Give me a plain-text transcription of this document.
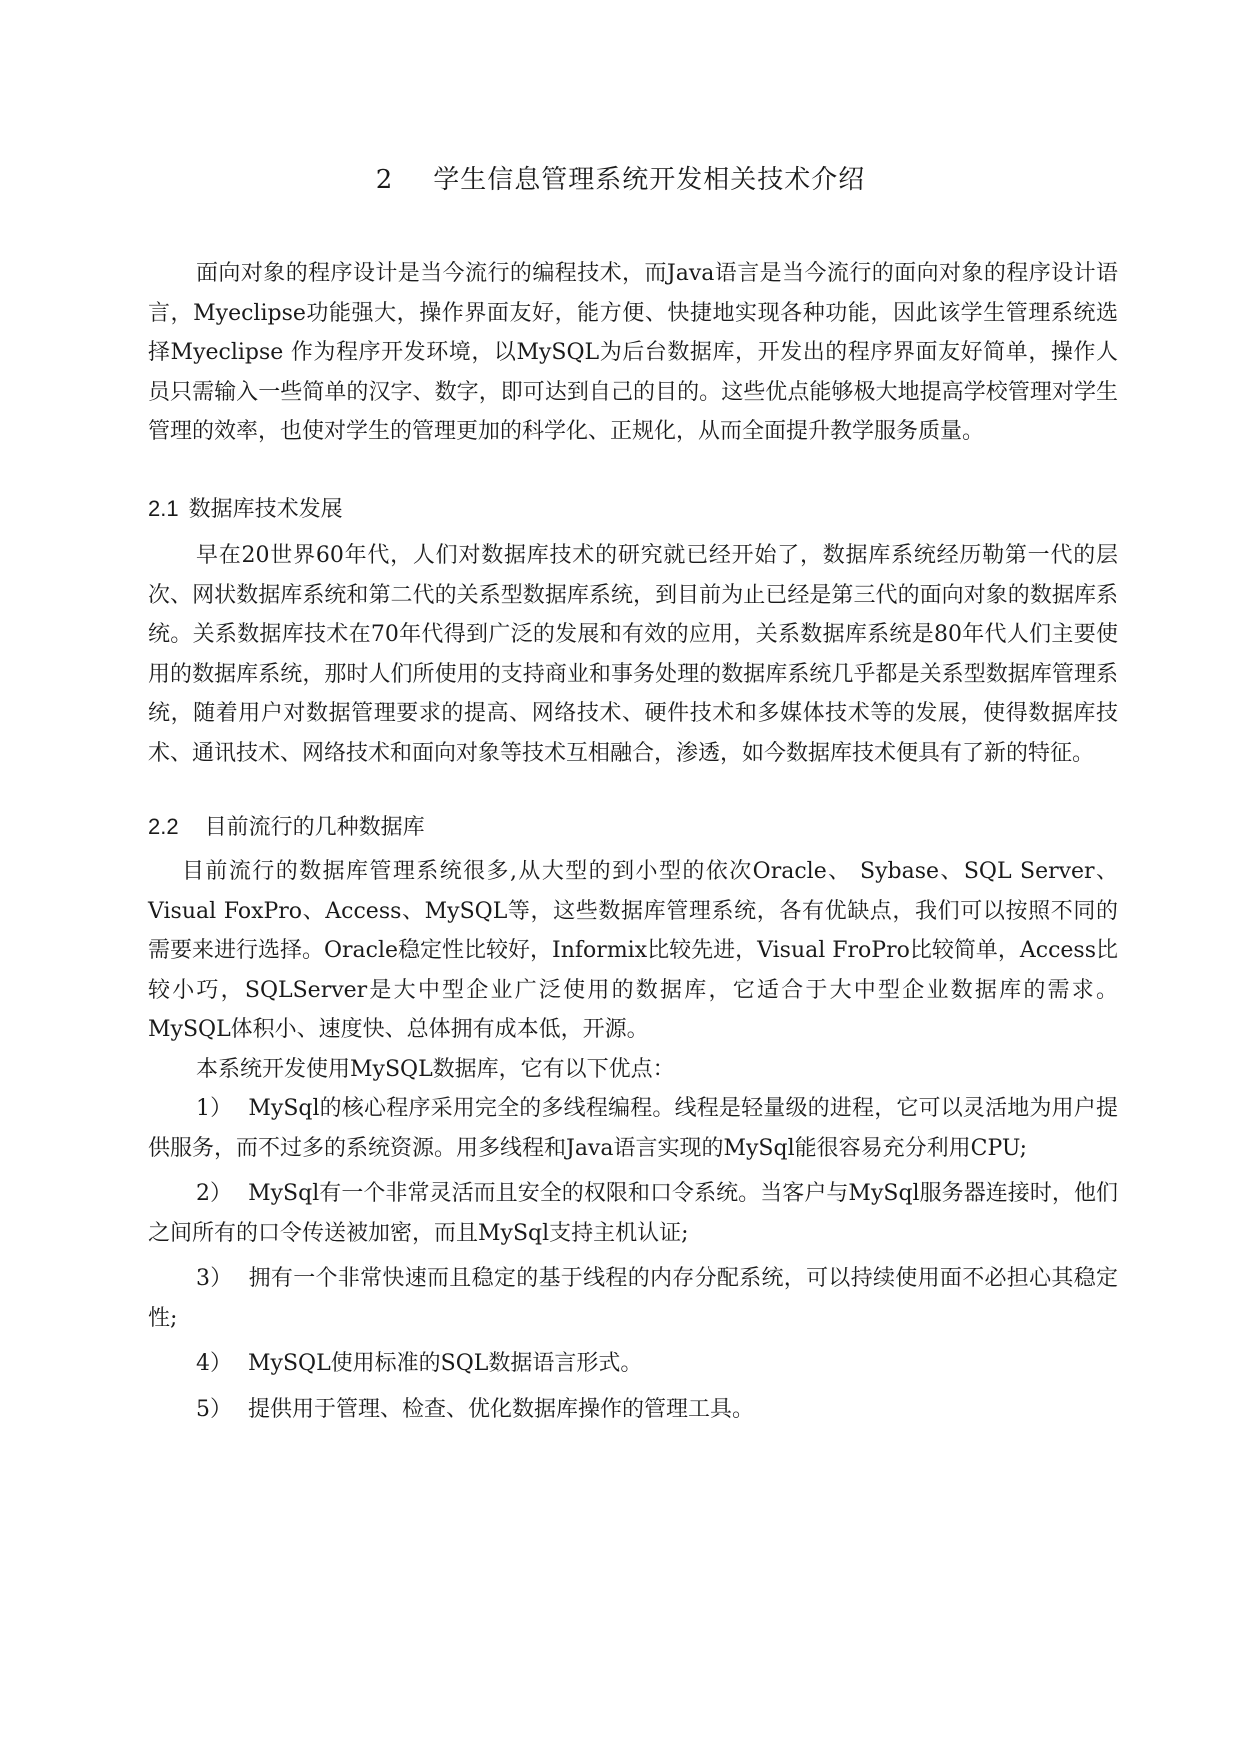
2 学生信息管理系统开发相关技术介绍

面向对象的程序设计是当今流行的编程技术，而Java语言是当今流行的面向对象的程序设计语言，Myeclipse功能强大，操作界面友好，能方便、快捷地实现各种功能，因此该学生管理系统选择Myeclipse 作为程序开发环境，以MySQL为后台数据库，开发出的程序界面友好简单，操作人员只需输入一些简单的汉字、数字，即可达到自己的目的。这些优点能够极大地提高学校管理对学生管理的效率，也使对学生的管理更加的科学化、正规化，从而全面提升教学服务质量。

2.1 数据库技术发展

早在20世界60年代，人们对数据库技术的研究就已经开始了，数据库系统经历勒第一代的层次、网状数据库系统和第二代的关系型数据库系统，到目前为止已经是第三代的面向对象的数据库系统。关系数据库技术在70年代得到广泛的发展和有效的应用，关系数据库系统是80年代人们主要使用的数据库系统，那时人们所使用的支持商业和事务处理的数据库系统几乎都是关系型数据库管理系统，随着用户对数据管理要求的提高、网络技术、硬件技术和多媒体技术等的发展，使得数据库技术、通讯技术、网络技术和面向对象等技术互相融合，渗透，如今数据库技术便具有了新的特征。

2.2 目前流行的几种数据库

目前流行的数据库管理系统很多,从大型的到小型的依次Oracle、 Sybase、SQL Server、Visual FoxPro、Access、MySQL等，这些数据库管理系统，各有优缺点，我们可以按照不同的需要来进行选择。Oracle稳定性比较好，Informix比较先进，Visual FroPro比较简单，Access比较小巧，SQLServer是大中型企业广泛使用的数据库，它适合于大中型企业数据库的需求。MySQL体积小、速度快、总体拥有成本低，开源。

本系统开发使用MySQL数据库，它有以下优点：

1） MySql的核心程序采用完全的多线程编程。线程是轻量级的进程，它可以灵活地为用户提供服务，而不过多的系统资源。用多线程和Java语言实现的MySql能很容易充分利用CPU;
2） MySql有一个非常灵活而且安全的权限和口令系统。当客户与MySql服务器连接时，他们之间所有的口令传送被加密，而且MySql支持主机认证;
3） 拥有一个非常快速而且稳定的基于线程的内存分配系统，可以持续使用面不必担心其稳定性;
4） MySQL使用标准的SQL数据语言形式。
5） 提供用于管理、检查、优化数据库操作的管理工具。
